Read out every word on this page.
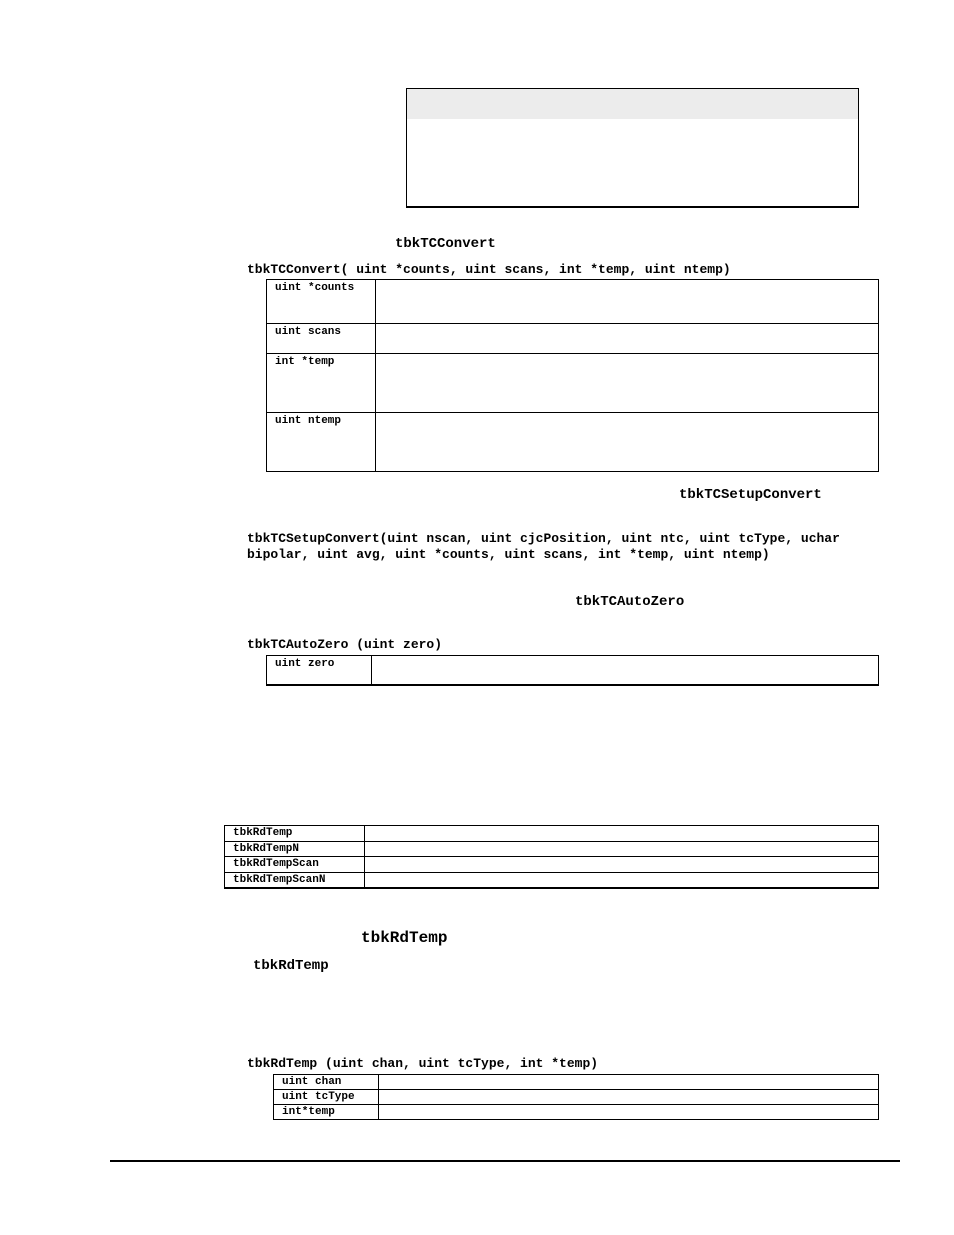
tbkTCConvert
tbkTCConvert( uint *counts, uint scans, int *temp, uint ntemp)
uint *counts	
uint scans	
int *temp	
uint ntemp	
tbkTCSetupConvert
tbkTCSetupConvert(uint nscan, uint cjcPosition, uint ntc, uint tcType, uchar
bipolar, uint avg, uint *counts, uint scans, int *temp, uint ntemp)
tbkTCAutoZero
tbkTCAutoZero (uint zero)
uint zero	
tbkRdTemp	
tbkRdTempN	
tbkRdTempScan	
tbkRdTempScanN	
tbkRdTemp
tbkRdTemp
tbkRdTemp (uint chan, uint tcType, int *temp)
uint chan	
uint tcType	
int*temp	
